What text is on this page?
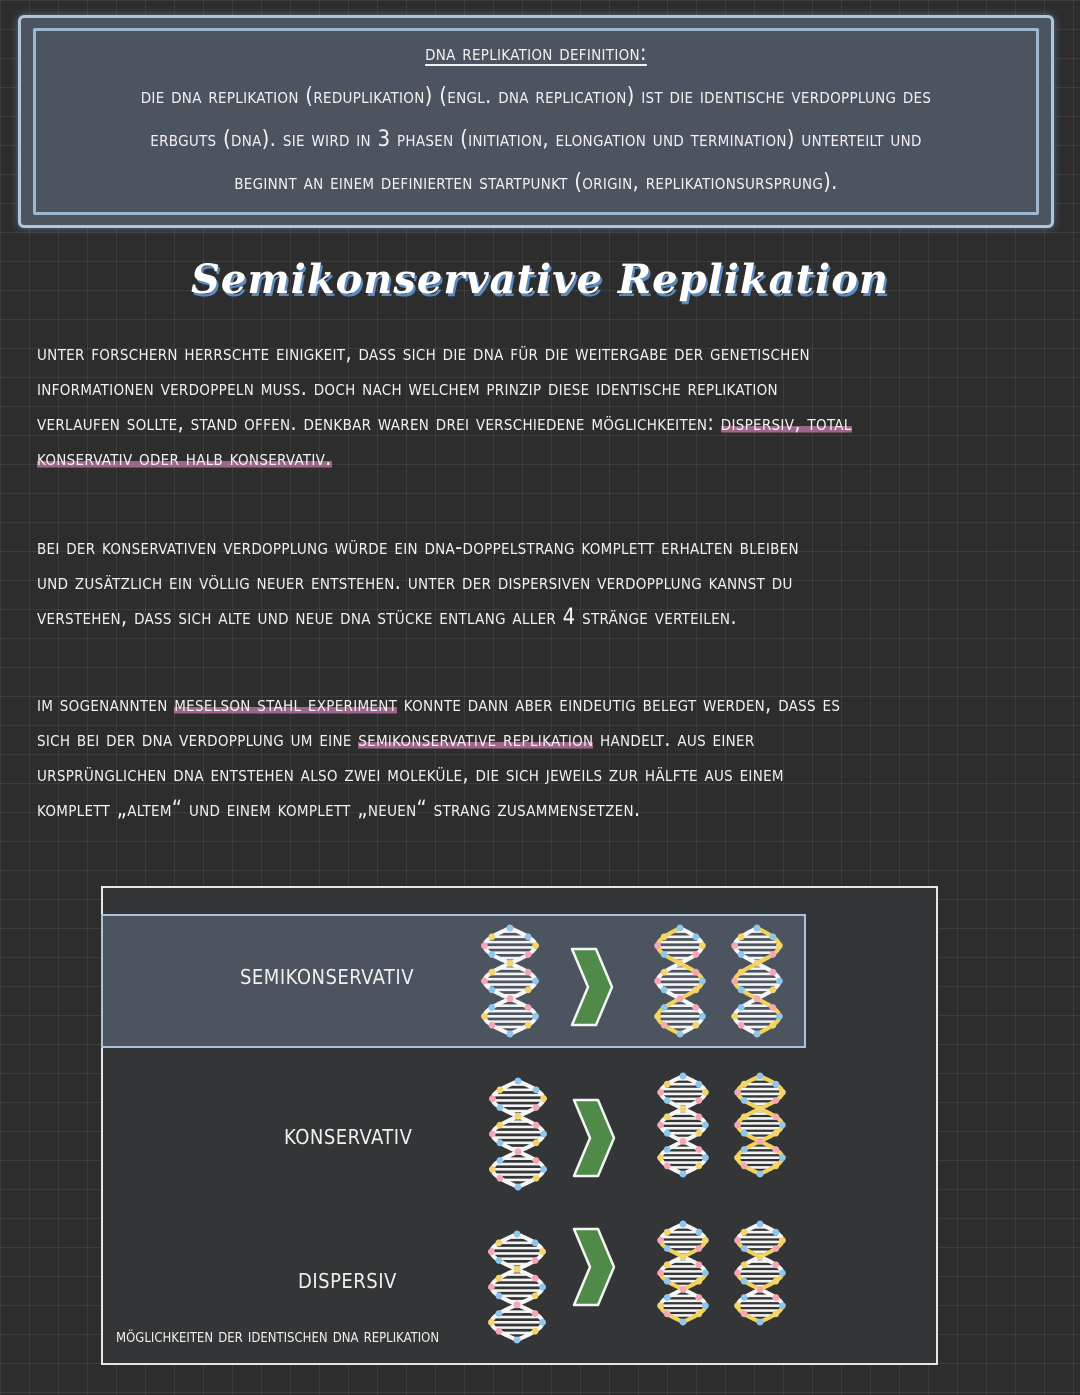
dna replikation definition:
die dna replikation (reduplikation) (engl. dna replication) ist die identische verdopplung des
erbguts (dna). sie wird in 3 phasen (initiation, elongation und termination) unterteilt und
beginnt an einem definierten startpunkt (origin, replikationsursprung).
Semikonservative Replikation
unter forschern herrschte einigkeit, dass sich die dna für die weitergabe der genetischen
informationen verdoppeln muss. doch nach welchem prinzip diese identische replikation
verlaufen sollte, stand offen. denkbar waren drei verschiedene möglichkeiten: dispersiv, total
konservativ oder halb konservativ.
bei der konservativen verdopplung würde ein dna-doppelstrang komplett erhalten bleiben
und zusätzlich ein völlig neuer entstehen. unter der dispersiven verdopplung kannst du
verstehen, dass sich alte und neue dna stücke entlang aller 4 stränge verteilen.
im sogenannten meselson stahl experiment konnte dann aber eindeutig belegt werden, dass es
sich bei der dna verdopplung um eine semikonservative replikation handelt. aus einer
ursprünglichen dna entstehen also zwei moleküle, die sich jeweils zur hälfte aus einem
komplett „altem“ und einem komplett „neuen“ strang zusammensetzen.
semikonservativ
konservativ
dispersiv
möglichkeiten der identischen dna replikation
